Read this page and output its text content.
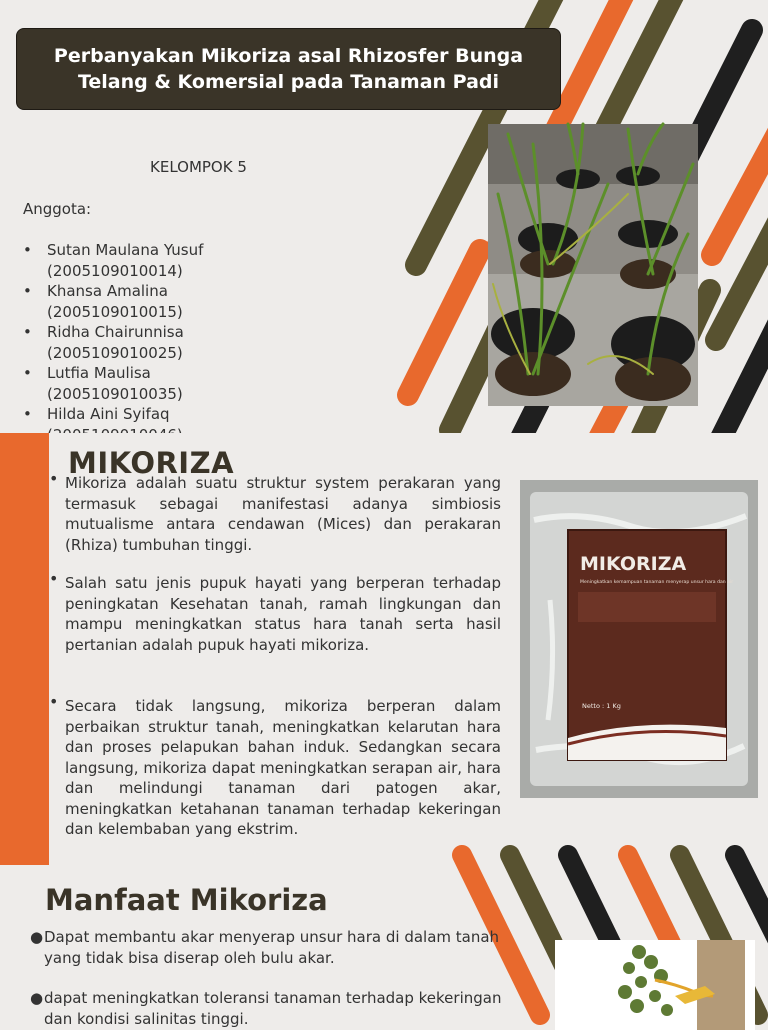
Perbanyakan Mikoriza asal Rhizosfer Bunga Telang & Komersial pada Tanaman Padi
KELOMPOK 5
Anggota:
• Sutan Maulana Yusuf
(2005109010014)
• Khansa Amalina
(2005109010015)
• Ridha Chairunnisa
(2005109010025)
• Lutfia Maulisa
(2005109010035)
• Hilda Aini Syifaq
MIKORIZA
• Mikoriza adalah suatu struktur system perakaran yang termasuk sebagai manifestasi adanya simbiosis mutualisme antara cendawan (Mices) dan perakaran (Rhiza) tumbuhan tinggi.

• Salah satu jenis pupuk hayati yang berperan terhadap peningkatan Kesehatan tanah, ramah lingkungan dan mampu meningkatkan status hara tanah serta hasil pertanian adalah pupuk hayati mikoriza.

• Secara tidak langsung, mikoriza berperan dalam perbaikan struktur tanah, meningkatkan kelarutan hara dan proses pelapukan bahan induk. Sedangkan secara langsung, mikoriza dapat meningkatkan serapan air, hara dan melindungi tanaman dari patogen akar, meningkatkan ketahanan tanaman terhadap kekeringan dan kelembaban yang ekstrim.

MIKORIZA
Meningkatkan kemampuan tanaman menyerap unsur hara dan air
Netto : 1 Kg
Manfaat Mikoriza
● Dapat membantu akar menyerap unsur hara di dalam tanah yang tidak bisa diserap oleh bulu akar.

● dapat meningkatkan toleransi tanaman terhadap kekeringan dan kondisi salinitas tinggi.
